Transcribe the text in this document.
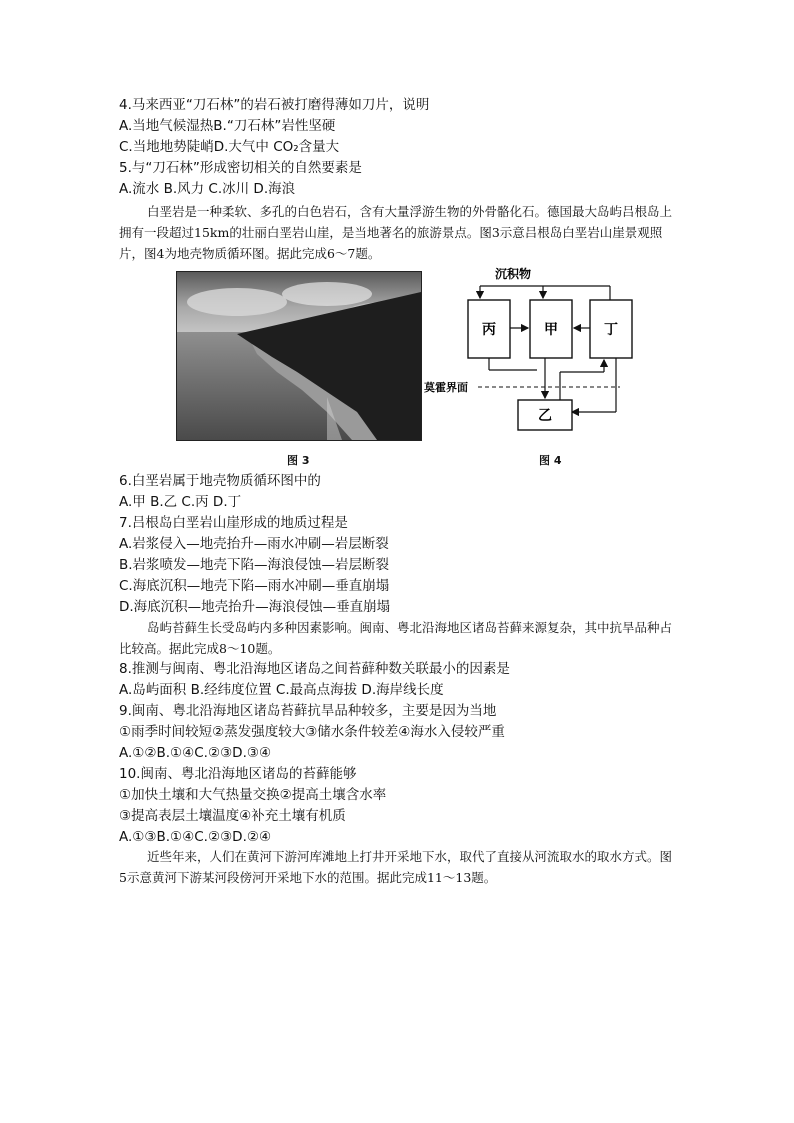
4.马来西亚“刀石林”的岩石被打磨得薄如刀片，说明
A.当地气候湿热B.“刀石林”岩性坚硬
C.当地地势陡峭D.大气中 CO₂含量大
5.与“刀石林”形成密切相关的自然要素是
A.流水 B.风力 C.冰川 D.海浪
白垩岩是一种柔软、多孔的白色岩石，含有大量浮游生物的外骨骼化石。德国最大岛屿吕根岛上拥有一段超过15km的壮丽白垩岩山崖，是当地著名的旅游景点。图3示意吕根岛白垩岩山崖景观照片，图4为地壳物质循环图。据此完成6～7题。
沉积物
丙	甲	丁
莫霍界面
乙
图 3	图 4
6.白垩岩属于地壳物质循环图中的
A.甲 B.乙 C.丙 D.丁
7.吕根岛白垩岩山崖形成的地质过程是
A.岩浆侵入—地壳抬升—雨水冲刷—岩层断裂
B.岩浆喷发—地壳下陷—海浪侵蚀—岩层断裂
C.海底沉积—地壳下陷—雨水冲刷—垂直崩塌
D.海底沉积—地壳抬升—海浪侵蚀—垂直崩塌
岛屿苔藓生长受岛屿内多种因素影响。闽南、粤北沿海地区诸岛苔藓来源复杂，其中抗旱品种占比较高。据此完成8～10题。
8.推测与闽南、粤北沿海地区诸岛之间苔藓种数关联最小的因素是
A.岛屿面积 B.经纬度位置 C.最高点海拔 D.海岸线长度
9.闽南、粤北沿海地区诸岛苔藓抗旱品种较多，主要是因为当地
①雨季时间较短②蒸发强度较大③储水条件较差④海水入侵较严重
A.①②B.①④C.②③D.③④
10.闽南、粤北沿海地区诸岛的苔藓能够
①加快土壤和大气热量交换②提高土壤含水率
③提高表层土壤温度④补充土壤有机质
A.①③B.①④C.②③D.②④
近些年来，人们在黄河下游河库滩地上打井开采地下水，取代了直接从河流取水的取水方式。图5示意黄河下游某河段傍河开采地下水的范围。据此完成11～13题。
